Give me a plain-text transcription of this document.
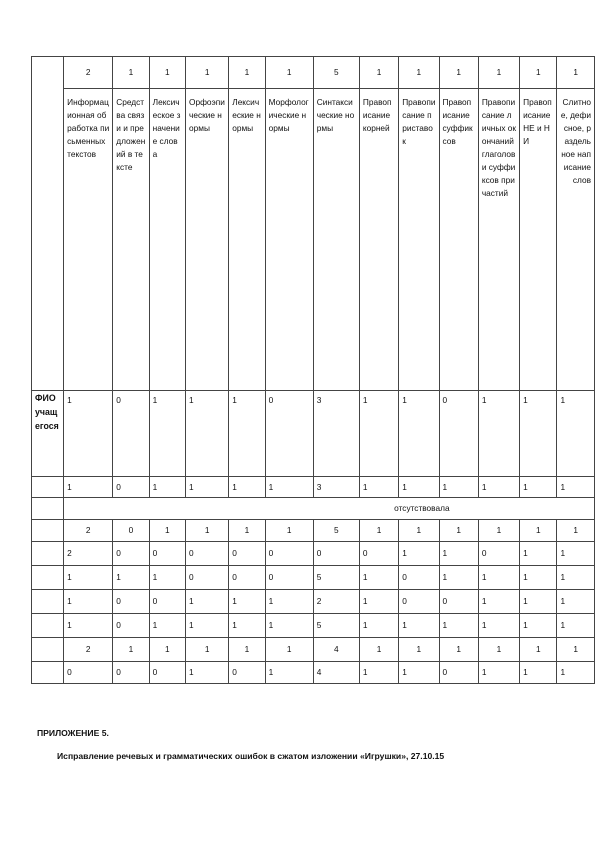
	2	1	1	1	1	1	5	1	1	1	1	1	1
	Информационная обработка письменных текстов	Средства связи и предложений в тексте	Лексическое значение слова	Орфоэпические нормы	Лексические нормы	Морфологические нормы	Синтаксические нормы	Правописание корней	Правописание приставок	Правописание суффиксов	Правописание личных окончаний глаголов и суффиксов причастий	Правописание НЕ и НИ	Слитное, дефисное, раздельное написание слов
ФИО учащегося	1	0	1	1	1	0	3	1	1	0	1	1	1
	1	0	1	1	1	1	3	1	1	1	1	1	1
	отсутствовала												
	2	0	1	1	1	1	5	1	1	1	1	1	1
	2	0	0	0	0	0	0	0	1	1	0	1	1
	1	1	1	0	0	0	5	1	0	1	1	1	1
	1	0	0	1	1	1	2	1	0	0	1	1	1
	1	0	1	1	1	1	5	1	1	1	1	1	1
	2	1	1	1	1	1	4	1	1	1	1	1	1
	0	0	0	1	0	1	4	1	1	0	1	1	1
ПРИЛОЖЕНИЕ 5.
Исправление речевых и грамматических ошибок в сжатом изложении «Игрушки», 27.10.15
